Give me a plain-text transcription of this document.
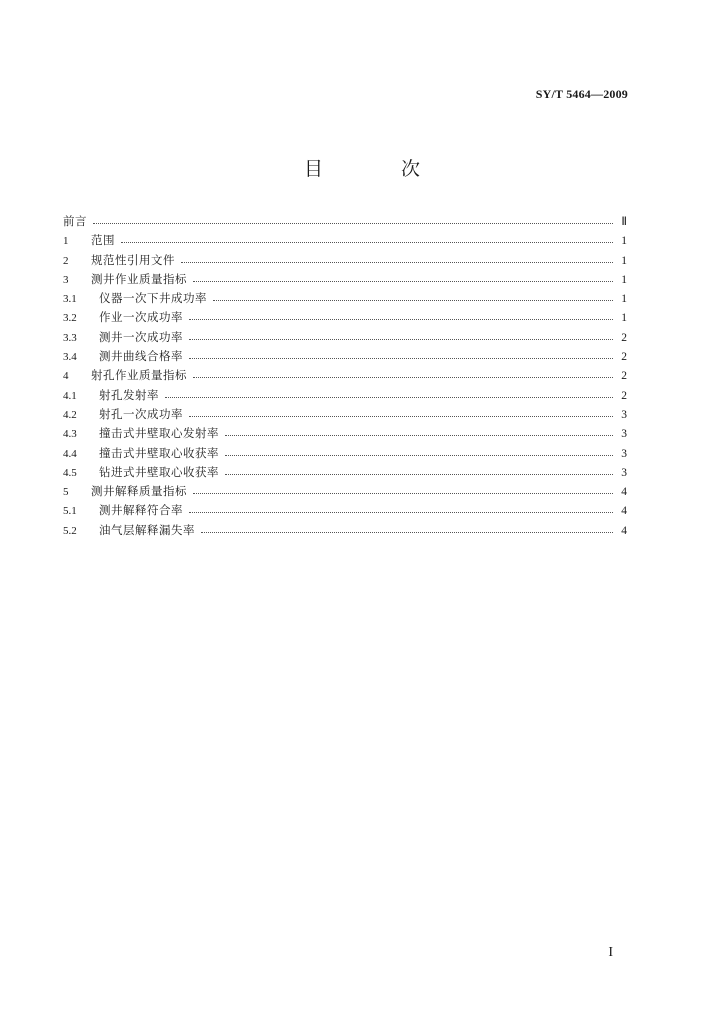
SY/T 5464—2009
目 次
前言	Ⅱ
1	范围	1
2	规范性引用文件	1
3	测井作业质量指标	1
3.1	仪器一次下井成功率	1
3.2	作业一次成功率	1
3.3	测井一次成功率	2
3.4	测井曲线合格率	2
4	射孔作业质量指标	2
4.1	射孔发射率	2
4.2	射孔一次成功率	3
4.3	撞击式井壁取心发射率	3
4.4	撞击式井壁取心收获率	3
4.5	钻进式井壁取心收获率	3
5	测井解释质量指标	4
5.1	测井解释符合率	4
5.2	油气层解释漏失率	4
I
